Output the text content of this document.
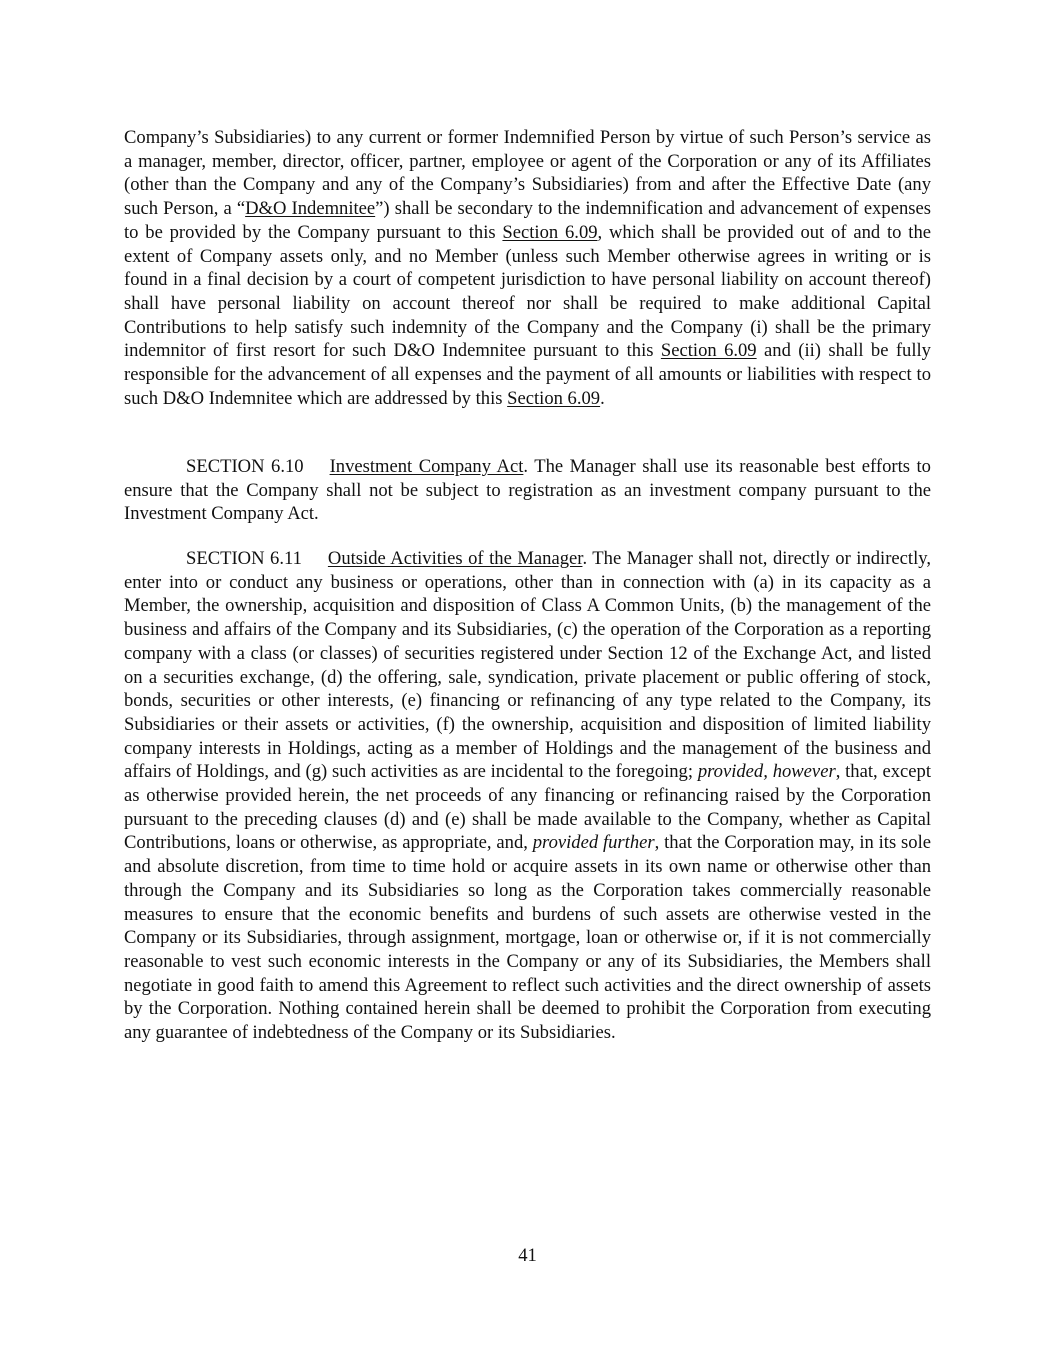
Company’s Subsidiaries) to any current or former Indemnified Person by virtue of such Person’s service as a manager, member, director, officer, partner, employee or agent of the Corporation or any of its Affiliates (other than the Company and any of the Company’s Subsidiaries) from and after the Effective Date (any such Person, a “D&O Indemnitee”) shall be secondary to the indemnification and advancement of expenses to be provided by the Company pursuant to this Section 6.09, which shall be provided out of and to the extent of Company assets only, and no Member (unless such Member otherwise agrees in writing or is found in a final decision by a court of competent jurisdiction to have personal liability on account thereof) shall have personal liability on account thereof nor shall be required to make additional Capital Contributions to help satisfy such indemnity of the Company and the Company (i) shall be the primary indemnitor of first resort for such D&O Indemnitee pursuant to this Section 6.09 and (ii) shall be fully responsible for the advancement of all expenses and the payment of all amounts or liabilities with respect to such D&O Indemnitee which are addressed by this Section 6.09.

SECTION 6.10 Investment Company Act. The Manager shall use its reasonable best efforts to ensure that the Company shall not be subject to registration as an investment company pursuant to the Investment Company Act.

SECTION 6.11 Outside Activities of the Manager. The Manager shall not, directly or indirectly, enter into or conduct any business or operations, other than in connection with (a) in its capacity as a Member, the ownership, acquisition and disposition of Class A Common Units, (b) the management of the business and affairs of the Company and its Subsidiaries, (c) the operation of the Corporation as a reporting company with a class (or classes) of securities registered under Section 12 of the Exchange Act, and listed on a securities exchange, (d) the offering, sale, syndication, private placement or public offering of stock, bonds, securities or other interests, (e) financing or refinancing of any type related to the Company, its Subsidiaries or their assets or activities, (f) the ownership, acquisition and disposition of limited liability company interests in Holdings, acting as a member of Holdings and the management of the business and affairs of Holdings, and (g) such activities as are incidental to the foregoing; provided, however, that, except as otherwise provided herein, the net proceeds of any financing or refinancing raised by the Corporation pursuant to the preceding clauses (d) and (e) shall be made available to the Company, whether as Capital Contributions, loans or otherwise, as appropriate, and, provided further, that the Corporation may, in its sole and absolute discretion, from time to time hold or acquire assets in its own name or otherwise other than through the Company and its Subsidiaries so long as the Corporation takes commercially reasonable measures to ensure that the economic benefits and burdens of such assets are otherwise vested in the Company or its Subsidiaries, through assignment, mortgage, loan or otherwise or, if it is not commercially reasonable to vest such economic interests in the Company or any of its Subsidiaries, the Members shall negotiate in good faith to amend this Agreement to reflect such activities and the direct ownership of assets by the Corporation. Nothing contained herein shall be deemed to prohibit the Corporation from executing any guarantee of indebtedness of the Company or its Subsidiaries.

41
